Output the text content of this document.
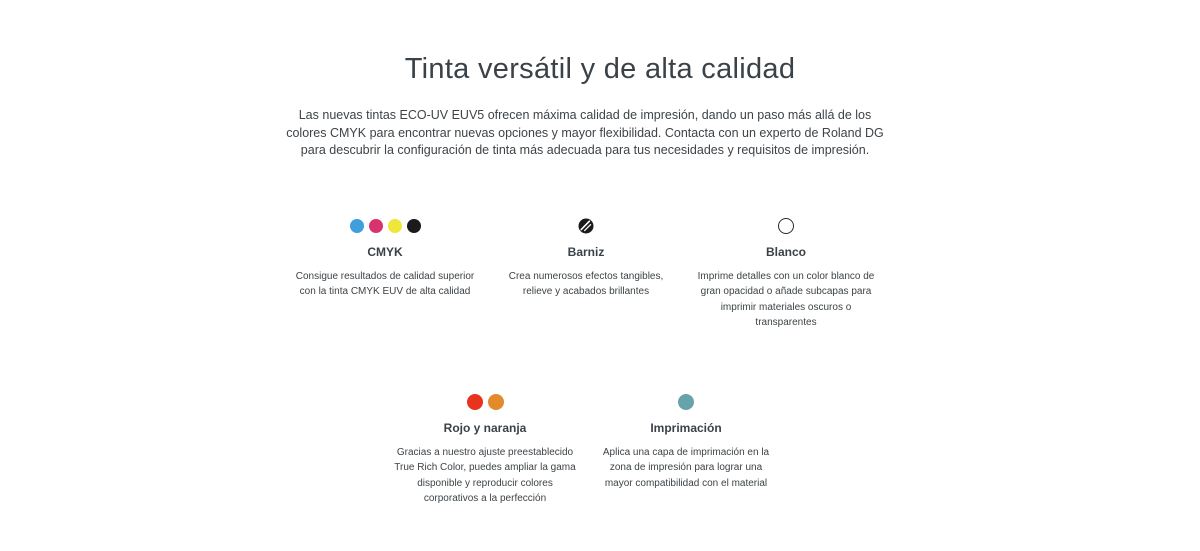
Tinta versátil y de alta calidad

Las nuevas tintas ECO-UV EUV5 ofrecen máxima calidad de impresión, dando un paso más allá de los colores CMYK para encontrar nuevas opciones y mayor flexibilidad. Contacta con un experto de Roland DG para descubrir la configuración de tinta más adecuada para tus necesidades y requisitos de impresión.

CMYK
Consigue resultados de calidad superior con la tinta CMYK EUV de alta calidad
Barniz
Crea numerosos efectos tangibles, relieve y acabados brillantes
Blanco
Imprime detalles con un color blanco de gran opacidad o añade subcapas para imprimir materiales oscuros o transparentes
Rojo y naranja
Gracias a nuestro ajuste preestablecido True Rich Color, puedes ampliar la gama disponible y reproducir colores corporativos a la perfección
Imprimación
Aplica una capa de imprimación en la zona de impresión para lograr una mayor compatibilidad con el material
